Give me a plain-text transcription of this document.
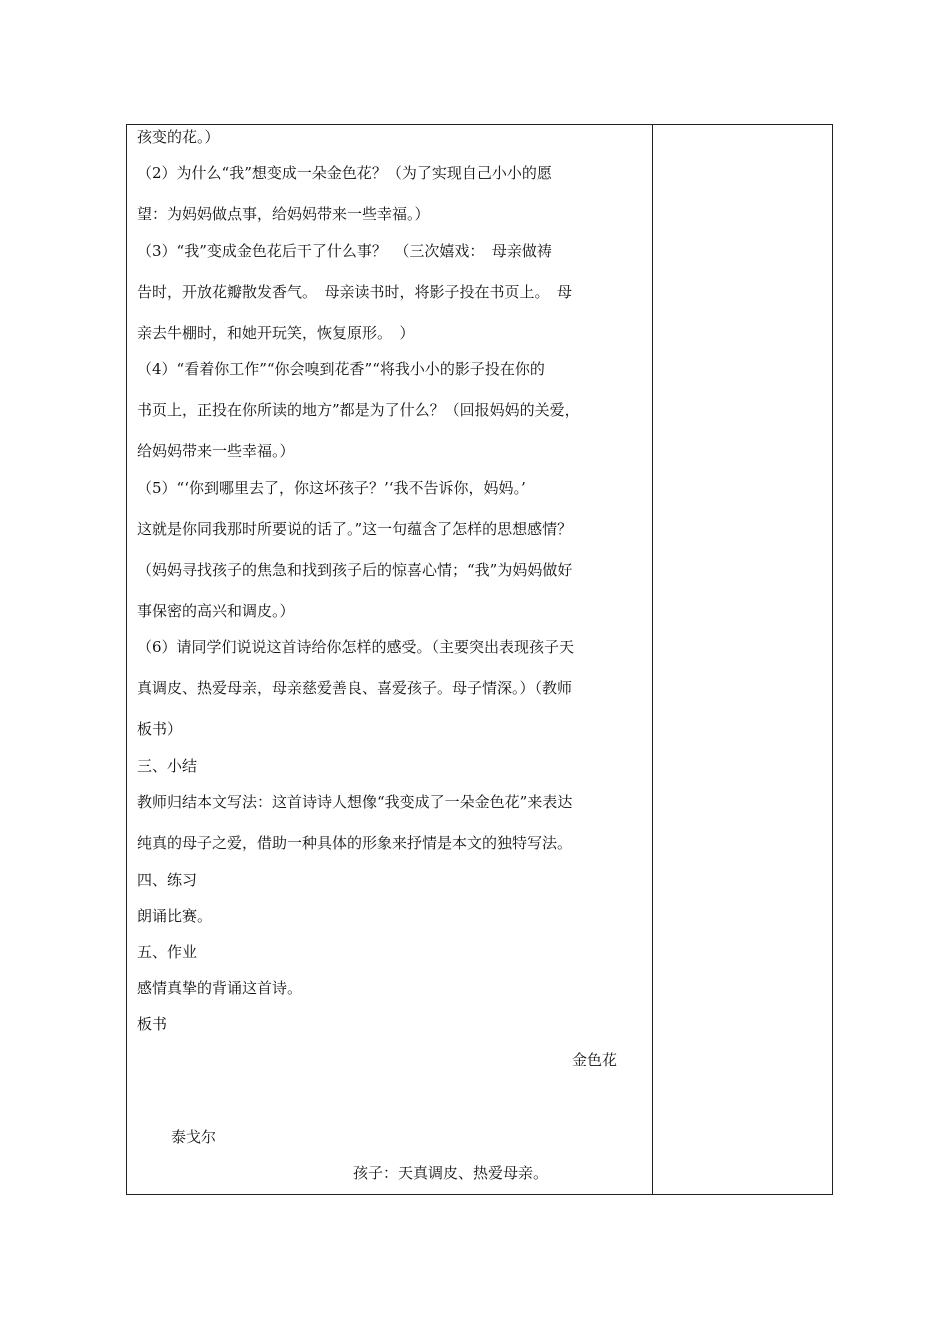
孩变的花。）
（2）为什么“我”想变成一朵金色花？（为了实现自己小小的愿
望：为妈妈做点事，给妈妈带来一些幸福。）
（3）“我”变成金色花后干了什么事？　（三次嬉戏：　母亲做祷
告时，开放花瓣散发香气。　母亲读书时，将影子投在书页上。　母
亲去牛棚时，和她开玩笑，恢复原形。　）
（4）“看着你工作”“你会嗅到花香”“将我小小的影子投在你的
书页上，正投在你所读的地方”都是为了什么？（回报妈妈的关爱，
给妈妈带来一些幸福。）
（5）“‘你到哪里去了，你这坏孩子？’‘我不告诉你，妈妈。’
这就是你同我那时所要说的话了。”这一句蕴含了怎样的思想感情？
（妈妈寻找孩子的焦急和找到孩子后的惊喜心情；“我”为妈妈做好
事保密的高兴和调皮。）
（6）请同学们说说这首诗给你怎样的感受。（主要突出表现孩子天
真调皮、热爱母亲，母亲慈爱善良、喜爱孩子。母子情深。）（教师
板书）
三、小结
教师归结本文写法：这首诗诗人想像“我变成了一朵金色花”来表达
纯真的母子之爱，借助一种具体的形象来抒情是本文的独特写法。
四、练习
朗诵比赛。
五、作业
感情真挚的背诵这首诗。
板书
金色花
泰戈尔
孩子：天真调皮、热爱母亲。
